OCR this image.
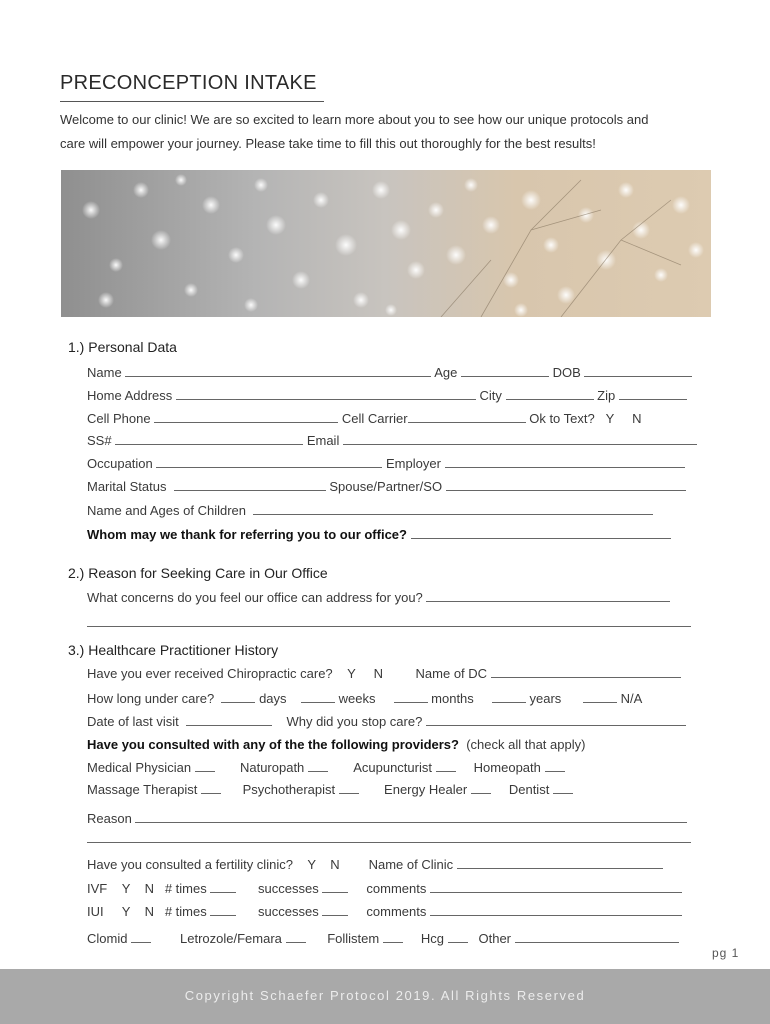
PRECONCEPTION INTAKE
Welcome to our clinic! We are so excited to learn more about you to see how our unique protocols and
care will empower your journey. Please take time to fill this out thoroughly for the best results!
1.) Personal Data
Name	Age	DOB
Home Address	City	Zip
Cell Phone	Cell Carrier	Ok to Text? Y N
SS#	Email
Occupation	Employer
Marital Status	Spouse/Partner/SO
Name and Ages of Children
Whom may we thank for referring you to our office?
2.) Reason for Seeking Care in Our Office
What concerns do you feel our office can address for you?
3.) Healthcare Practitioner History
Have you ever received Chiropractic care? Y N	Name of DC
How long under care?	days	weeks	months	years	N/A
Date of last visit	Why did you stop care?
Have you consulted with any of the the following providers? (check all that apply)
Medical Physician	Naturopath	Acupuncturist	Homeopath
Massage Therapist	Psychotherapist	Energy Healer	Dentist
Reason
Have you consulted a fertility clinic? Y N Name of Clinic
IVF Y N # times	successes	comments
IUI Y N # times	successes	comments
Clomid	Letrozole/Femara	Follistem	Hcg	Other
pg 1
Copyright Schaefer Protocol 2019. All Rights Reserved
